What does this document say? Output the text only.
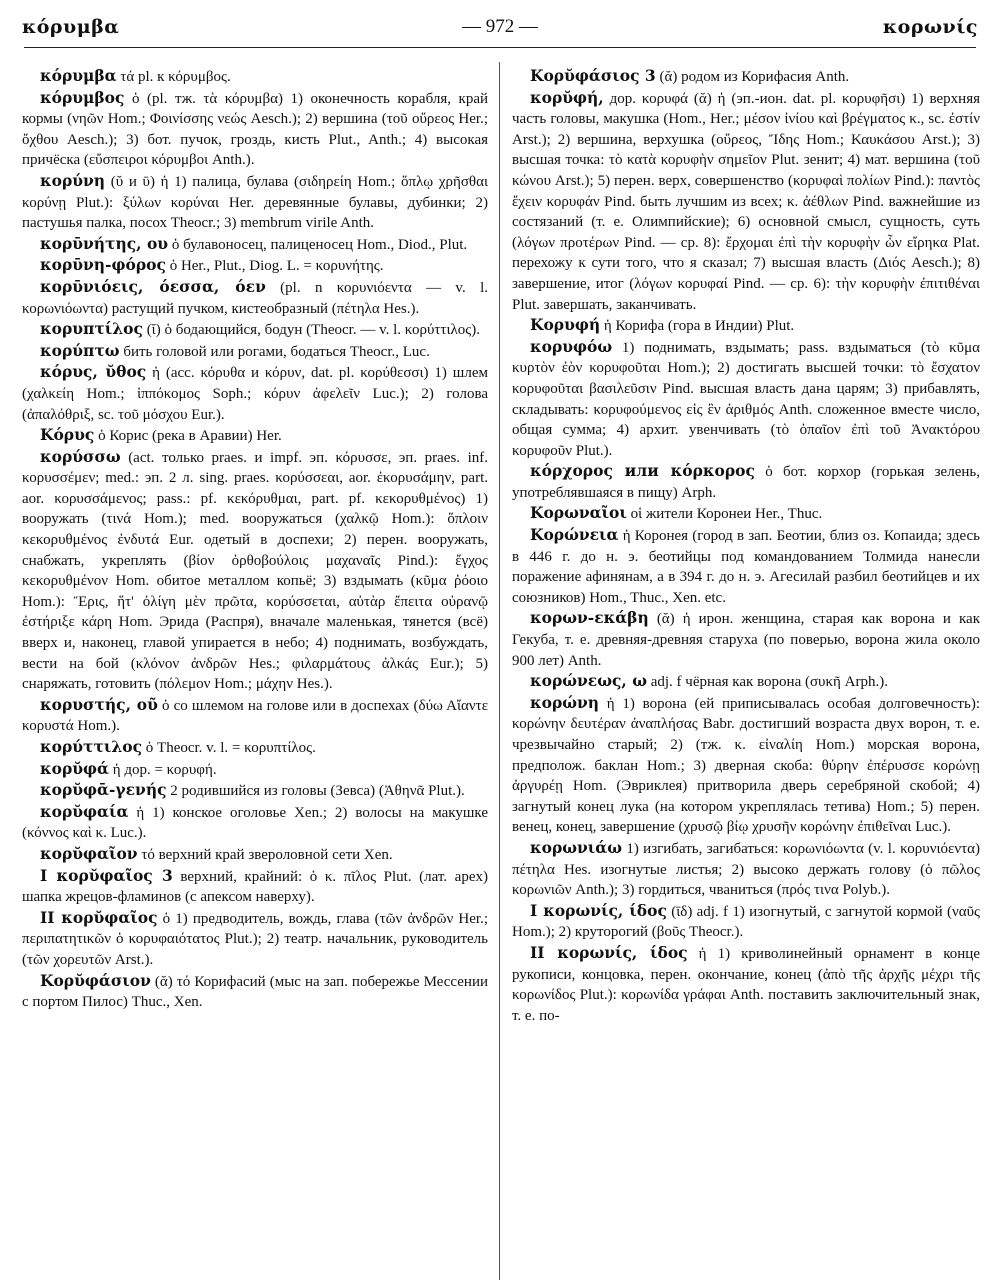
κόρυμβα	— 972 —	κορωνίς
κόρυμβα τά pl. к κόρυμβος.
κόρυμβος ὁ (pl. тж. τὰ κόρυμβα) 1) оконечность корабля, край кормы (νηῶν Hom.; Φοινίσσης νεώς Aesch.); 2) вершина (τοῦ οὔρεος Her.; ὄχθου Aesch.); 3) бот. пучок, гроздь, кисть Plut., Anth.; 4) высокая причёска (εὔσπειροι κόρυμβοι Anth.).
κορύνη (ῠ и ῡ) ἡ 1) палица, булава (σιδηρείη Hom.; ὅπλῳ χρῆσθαι κορύνῃ Plut.): ξύλων κορύναι Her. деревянные булавы, дубинки; 2) пастушья палка, посох Theocr.; 3) membrum virile Anth.
κορῡνήτης, ου ὁ булавоносец, палиценосец Hom., Diod., Plut.
κορῡνη-φόρος ὁ Her., Plut., Diog. L. = κορυνήτης.
κορῡνιόεις, όεσσα, όεν (pl. n κορυνιόεντα — v. l. κορωνιόωντα) растущий пучком, кистеобразный (πέτηλα Hes.).
κορυπτίλος (ῐ) ὁ бодающийся, бодун (Theocr. — v. l. κορύττιλος).
κορύπτω бить головой или рогами, бодаться Theocr., Luc.
κόρυς, ῠθος ἡ (acc. κόρυθα и κόρυν, dat. pl. κορύθεσσι) 1) шлем (χαλκείη Hom.; ἱππόκομος Soph.; κόρυν ἀφελεῖν Luc.); 2) голова (ἀπαλόθριξ, sc. τοῦ μόσχου Eur.).
Κόρυς ὁ Корис (река в Аравии) Her.
κορύσσω (act. только praes. и impf. эп. κόρυσσε, эп. praes. inf. κορυσσέμεν; med.: эп. 2 л. sing. praes. κορύσσεαι, aor. ἐκορυσάμην, part. aor. κορυσσάμενος; pass.: pf. κεκόρυθμαι, part. pf. κεκορυθμένος) 1) вооружать (τινά Hom.); med. вооружаться (χαλκῷ Hom.): ὅπλοιν κεκορυθμένος ἐνδυτά Eur. одетый в доспехи; 2) перен. вооружать, снабжать, укреплять (βίον ὀρθοβούλοις μαχαναῖς Pind.): ἔγχος κεκορυθμένον Hom. обитое металлом копьё; 3) вздымать (κῦμα ῥόοιο Hom.): Ἔρις, ἥτ' ὀλίγη μὲν πρῶτα, κορύσσεται, αὐτὰρ ἔπειτα οὐρανῷ ἐστήριξε κάρη Hom. Эрида (Распря), вначале маленькая, тянется (всё) вверх и, наконец, главой упирается в небо; 4) поднимать, возбуждать, вести на бой (κλόνον ἀνδρῶν Hes.; φιλαρμάτους ἀλκάς Eur.); 5) снаряжать, готовить (πόλεμον Hom.; μάχην Hes.).
κορυστής, οῦ ὁ со шлемом на голове или в доспехах (δύω Αἴαντε κορυστά Hom.).
κορύττιλος ὁ Theocr. v. l. = κορυπτίλος.
κορῠφά ἡ дор. = κορυφή.
κορῠφᾱ-γενής 2 родившийся из головы (Зевса) (Ἀθηνᾶ Plut.).
κορῠφαία ἡ 1) конское оголовье Xen.; 2) волосы на макушке (κόννος καὶ κ. Luc.).
κορῠφαῖον τό верхний край звероловной сети Xen.
I κορῠφαῖος 3 верхний, крайний: ὁ κ. πῖλος Plut. (лат. apex) шапка жрецов-фламинов (с апексом наверху).
II κορῠφαῖος ὁ 1) предводитель, вождь, глава (τῶν ἀνδρῶν Her.; περιπατητικῶν ὁ κορυφαιότατος Plut.); 2) театр. начальник, руководитель (τῶν χορευτῶν Arst.).
Κορῠφάσιον (ᾰ) τό Корифасий (мыс на зап. побережье Мессении с портом Пилос) Thuc., Xen.
Κορῠφάσιος 3 (ᾰ) родом из Корифасия Anth.
κορῠφή, дор. κορυφά (ᾰ) ἡ (эп.-ион. dat. pl. κορυφῆσι) 1) верхняя часть головы, макушка (Hom., Her.; μέσον ἰνίου καὶ βρέγματος κ., sc. ἐστίν Arst.); 2) вершина, верхушка (οὔρεος, Ἴδης Hom.; Καυκάσου Arst.); 3) высшая точка: τὸ κατὰ κορυφὴν σημεῖον Plut. зенит; 4) мат. вершина (τοῦ κώνου Arst.); 5) перен. верх, совершенство (κορυφαὶ πολίων Pind.): παντὸς ἔχειν κορυφάν Pind. быть лучшим из всех; κ. ἀέθλων Pind. важнейшие из состязаний (т. е. Олимпийские); 6) основной смысл, сущность, суть (λόγων προτέρων Pind. — ср. 8): ἔρχομαι ἐπὶ τὴν κορυφὴν ὧν εἴρηκα Plat. перехожу к сути того, что я сказал; 7) высшая власть (Διός Aesch.); 8) завершение, итог (λόγων κορυφαί Pind. — ср. 6): τὴν κορυφὴν ἐπιτιθέναι Plut. завершать, заканчивать.
Κορυφή ἡ Корифа (гора в Индии) Plut.
κορυφόω 1) поднимать, вздымать; pass. вздыматься (τὸ κῦμα κυρτὸν ἐὸν κορυφοῦται Hom.); 2) достигать высшей точки: τὸ ἔσχατον κορυφοῦται βασιλεῦσιν Pind. высшая власть дана царям; 3) прибавлять, складывать: κορυφούμενος εἰς ἓν ἀριθμός Anth. сложенное вместе число, общая сумма; 4) архит. увенчивать (τὸ ὀπαῖον ἐπὶ τοῦ Ἀνακτόρου κορυφοῦν Plut.).
κόρχορος или κόρκορος ὁ бот. корхор (горькая зелень, употреблявшаяся в пищу) Arph.
Κορωναῖοι οἱ жители Коронеи Her., Thuc.
Κορώνεια ἡ Коронея (город в зап. Беотии, близ оз. Копаида; здесь в 446 г. до н. э. беотийцы под командованием Толмида нанесли поражение афинянам, а в 394 г. до н. э. Агесилай разбил беотийцев и их союзников) Hom., Thuc., Xen. etc.
κορων-εκάβη (ᾰ) ἡ ирон. женщина, старая как ворона и как Гекуба, т. е. древняя-древняя старуха (по поверью, ворона жила около 900 лет) Anth.
κορώνεως, ω adj. f чёрная как ворона (συκῆ Arph.).
κορώνη ἡ 1) ворона (ей приписывалась особая долговечность): κορώνην δευτέραν ἀναπλήσας Babr. достигший возраста двух ворон, т. е. чрезвычайно старый; 2) (тж. κ. εἰναλίη Hom.) морская ворона, предполож. баклан Hom.; 3) дверная скоба: θύρην ἐπέρυσσε κορώνῃ ἀργυρέῃ Hom. (Эвриклея) притворила дверь серебряной скобой; 4) загнутый конец лука (на котором укреплялась тетива) Hom.; 5) перен. венец, конец, завершение (χρυσῷ βίῳ χρυσῆν κορώνην ἐπιθεῖναι Luc.).
κορωνιάω 1) изгибать, загибаться: κορωνιόωντα (v. l. κορυνιόεντα) πέτηλα Hes. изогнутые листья; 2) высоко держать голову (ὁ πῶλος κορωνιῶν Anth.); 3) гордиться, чваниться (πρός τινα Polyb.).
I κορωνίς, ίδος (ῑδ) adj. f 1) изогнутый, с загнутой кормой (ναῦς Hom.); 2) круторогий (βοῦς Theocr.).
II κορωνίς, ίδος ἡ 1) криволинейный орнамент в конце рукописи, концовка, перен. окончание, конец (ἀπὸ τῆς ἀρχῆς μέχρι τῆς κορωνίδος Plut.): κορωνίδα γράφαι Anth. поставить заключительный знак, т. е. по-
